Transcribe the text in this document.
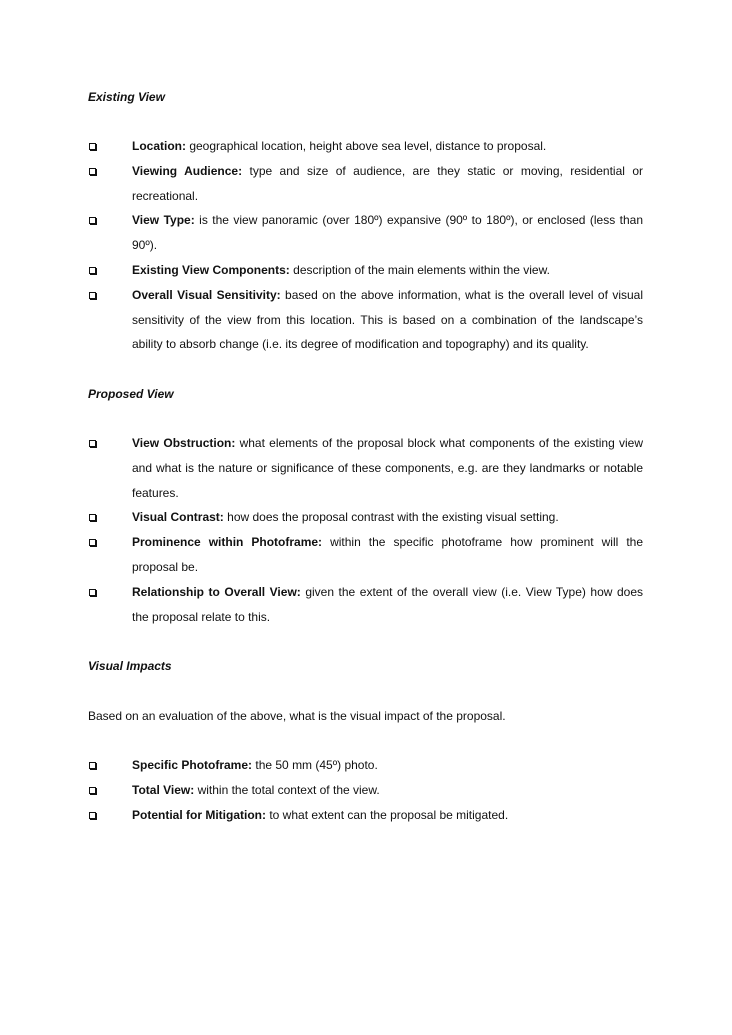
Existing View

Location: geographical location, height above sea level, distance to proposal.
Viewing Audience: type and size of audience, are they static or moving, residential or recreational.
View Type: is the view panoramic (over 180º) expansive (90º to 180º), or enclosed (less than 90º).
Existing View Components: description of the main elements within the view.
Overall Visual Sensitivity: based on the above information, what is the overall level of visual sensitivity of the view from this location. This is based on a combination of the landscape’s ability to absorb change (i.e. its degree of modification and topography) and its quality.

Proposed View

View Obstruction: what elements of the proposal block what components of the existing view and what is the nature or significance of these components, e.g. are they landmarks or notable features.
Visual Contrast: how does the proposal contrast with the existing visual setting.
Prominence within Photoframe: within the specific photoframe how prominent will the proposal be.
Relationship to Overall View: given the extent of the overall view (i.e. View Type) how does the proposal relate to this.

Visual Impacts

Based on an evaluation of the above, what is the visual impact of the proposal.

Specific Photoframe: the 50 mm (45º) photo.
Total View: within the total context of the view.
Potential for Mitigation: to what extent can the proposal be mitigated.
